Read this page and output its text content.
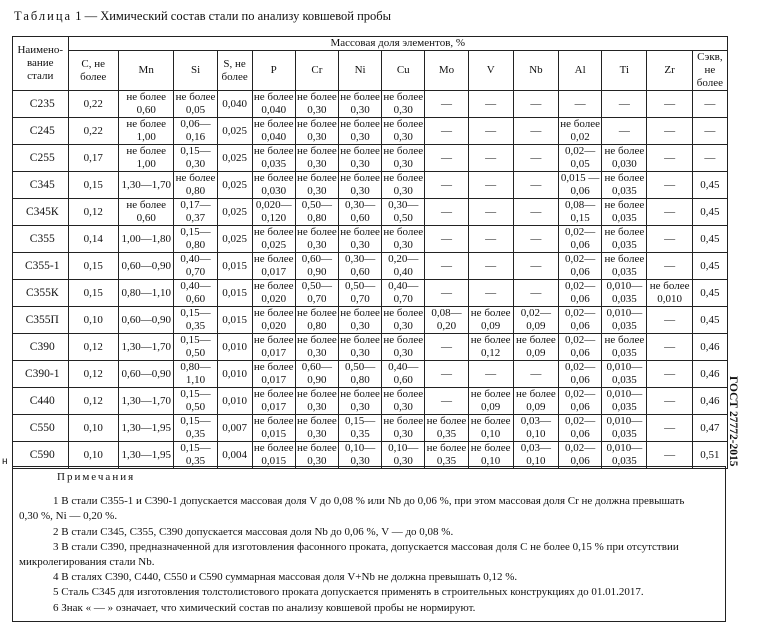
Таблица 1 — Химический состав стали по анализу ковшевой пробы
Наимено-вание стали	Массовая доля элементов, %														
	C, не более	Mn	Si	S, не более	P	Cr	Ni	Cu	Mo	V	Nb	Al	Ti	Zr	Сэкв, не более
С235	0,22	не более 0,60	не более 0,05	0,040	не более 0,040	не более 0,30	не более 0,30	не более 0,30	—	—	—	—	—	—	—
С245	0,22	не более 1,00	0,06— 0,16	0,025	не более 0,040	не более 0,30	не более 0,30	не более 0,30	—	—	—	не более 0,02	—	—	—
С255	0,17	не более 1,00	0,15— 0,30	0,025	не более 0,035	не более 0,30	не более 0,30	не более 0,30	—	—	—	0,02— 0,05	не более 0,030	—	—
С345	0,15	1,30—1,70	не более 0,80	0,025	не более 0,030	не более 0,30	не более 0,30	не более 0,30	—	—	—	0,015 —0,06	не более 0,035	—	0,45
С345К	0,12	не более 0,60	0,17— 0,37	0,025	0,020— 0,120	0,50— 0,80	0,30— 0,60	0,30— 0,50	—	—	—	0,08— 0,15	не более 0,035	—	0,45
С355	0,14	1,00—1,80	0,15— 0,80	0,025	не более 0,025	не более 0,30	не более 0,30	не более 0,30	—	—	—	0,02— 0,06	не более 0,035	—	0,45
С355-1	0,15	0,60—0,90	0,40— 0,70	0,015	не более 0,017	0,60— 0,90	0,30— 0,60	0,20— 0,40	—	—	—	0,02— 0,06	не более 0,035	—	0,45
С355К	0,15	0,80—1,10	0,40— 0,60	0,015	не более 0,020	0,50— 0,70	0,50— 0,70	0,40— 0,70	—	—	—	0,02— 0,06	0,010— 0,035	не более 0,010	0,45
С355П	0,10	0,60—0,90	0,15— 0,35	0,015	не более 0,020	не более 0,80	не более 0,30	не более 0,30	0,08— 0,20	не более 0,09	0,02— 0,09	0,02— 0,06	0,010— 0,035	—	0,45
С390	0,12	1,30—1,70	0,15— 0,50	0,010	не более 0,017	не более 0,30	не более 0,30	не более 0,30	—	не более 0,12	не более 0,09	0,02— 0,06	не более 0,035	—	0,46
С390-1	0,12	0,60—0,90	0,80— 1,10	0,010	не более 0,017	0,60— 0,90	0,50— 0,80	0,40— 0,60	—	—	—	0,02— 0,06	0,010— 0,035	—	0,46
С440	0,12	1,30—1,70	0,15— 0,50	0,010	не более 0,017	не более 0,30	не более 0,30	не более 0,30	—	не более 0,09	не более 0,09	0,02— 0,06	0,010— 0,035	—	0,46
С550	0,10	1,30—1,95	0,15— 0,35	0,007	не более 0,015	не более 0,30	0,15— 0,35	не более 0,30	не более 0,35	не более 0,10	0,03— 0,10	0,02— 0,06	0,010— 0,035	—	0,47
С590	0,10	1,30—1,95	0,15— 0,35	0,004	не более 0,015	не более 0,30	0,10— 0,30	0,10— 0,30	не более 0,35	не более 0,10	0,03— 0,10	0,02— 0,06	0,010— 0,035	—	0,51
Примечания

1 В стали С355-1 и С390-1 допускается массовая доля V до 0,08 % или Nb до 0,06 %, при этом массовая доля Cr не должна превышать

0,30 %, Ni — 0,20 %.

2 В стали С345, С355, С390 допускается массовая доля Nb до 0,06 %, V — до 0,08 %.

3 В стали С390, предназначенной для изготовления фасонного проката, допускается массовая доля С не более 0,15 % при отсутствии

микролегирования стали Nb.

4 В сталях С390, С440, С550 и С590 суммарная массовая доля V+Nb не должна превышать 0,12 %.

5 Сталь С345 для изготовления толстолистового проката допускается применять в строительных конструкциях до 01.01.2017.

6 Знак « — » означает, что химический состав по анализу ковшевой пробы не нормируют.

ГОСТ 27772-2015
н
